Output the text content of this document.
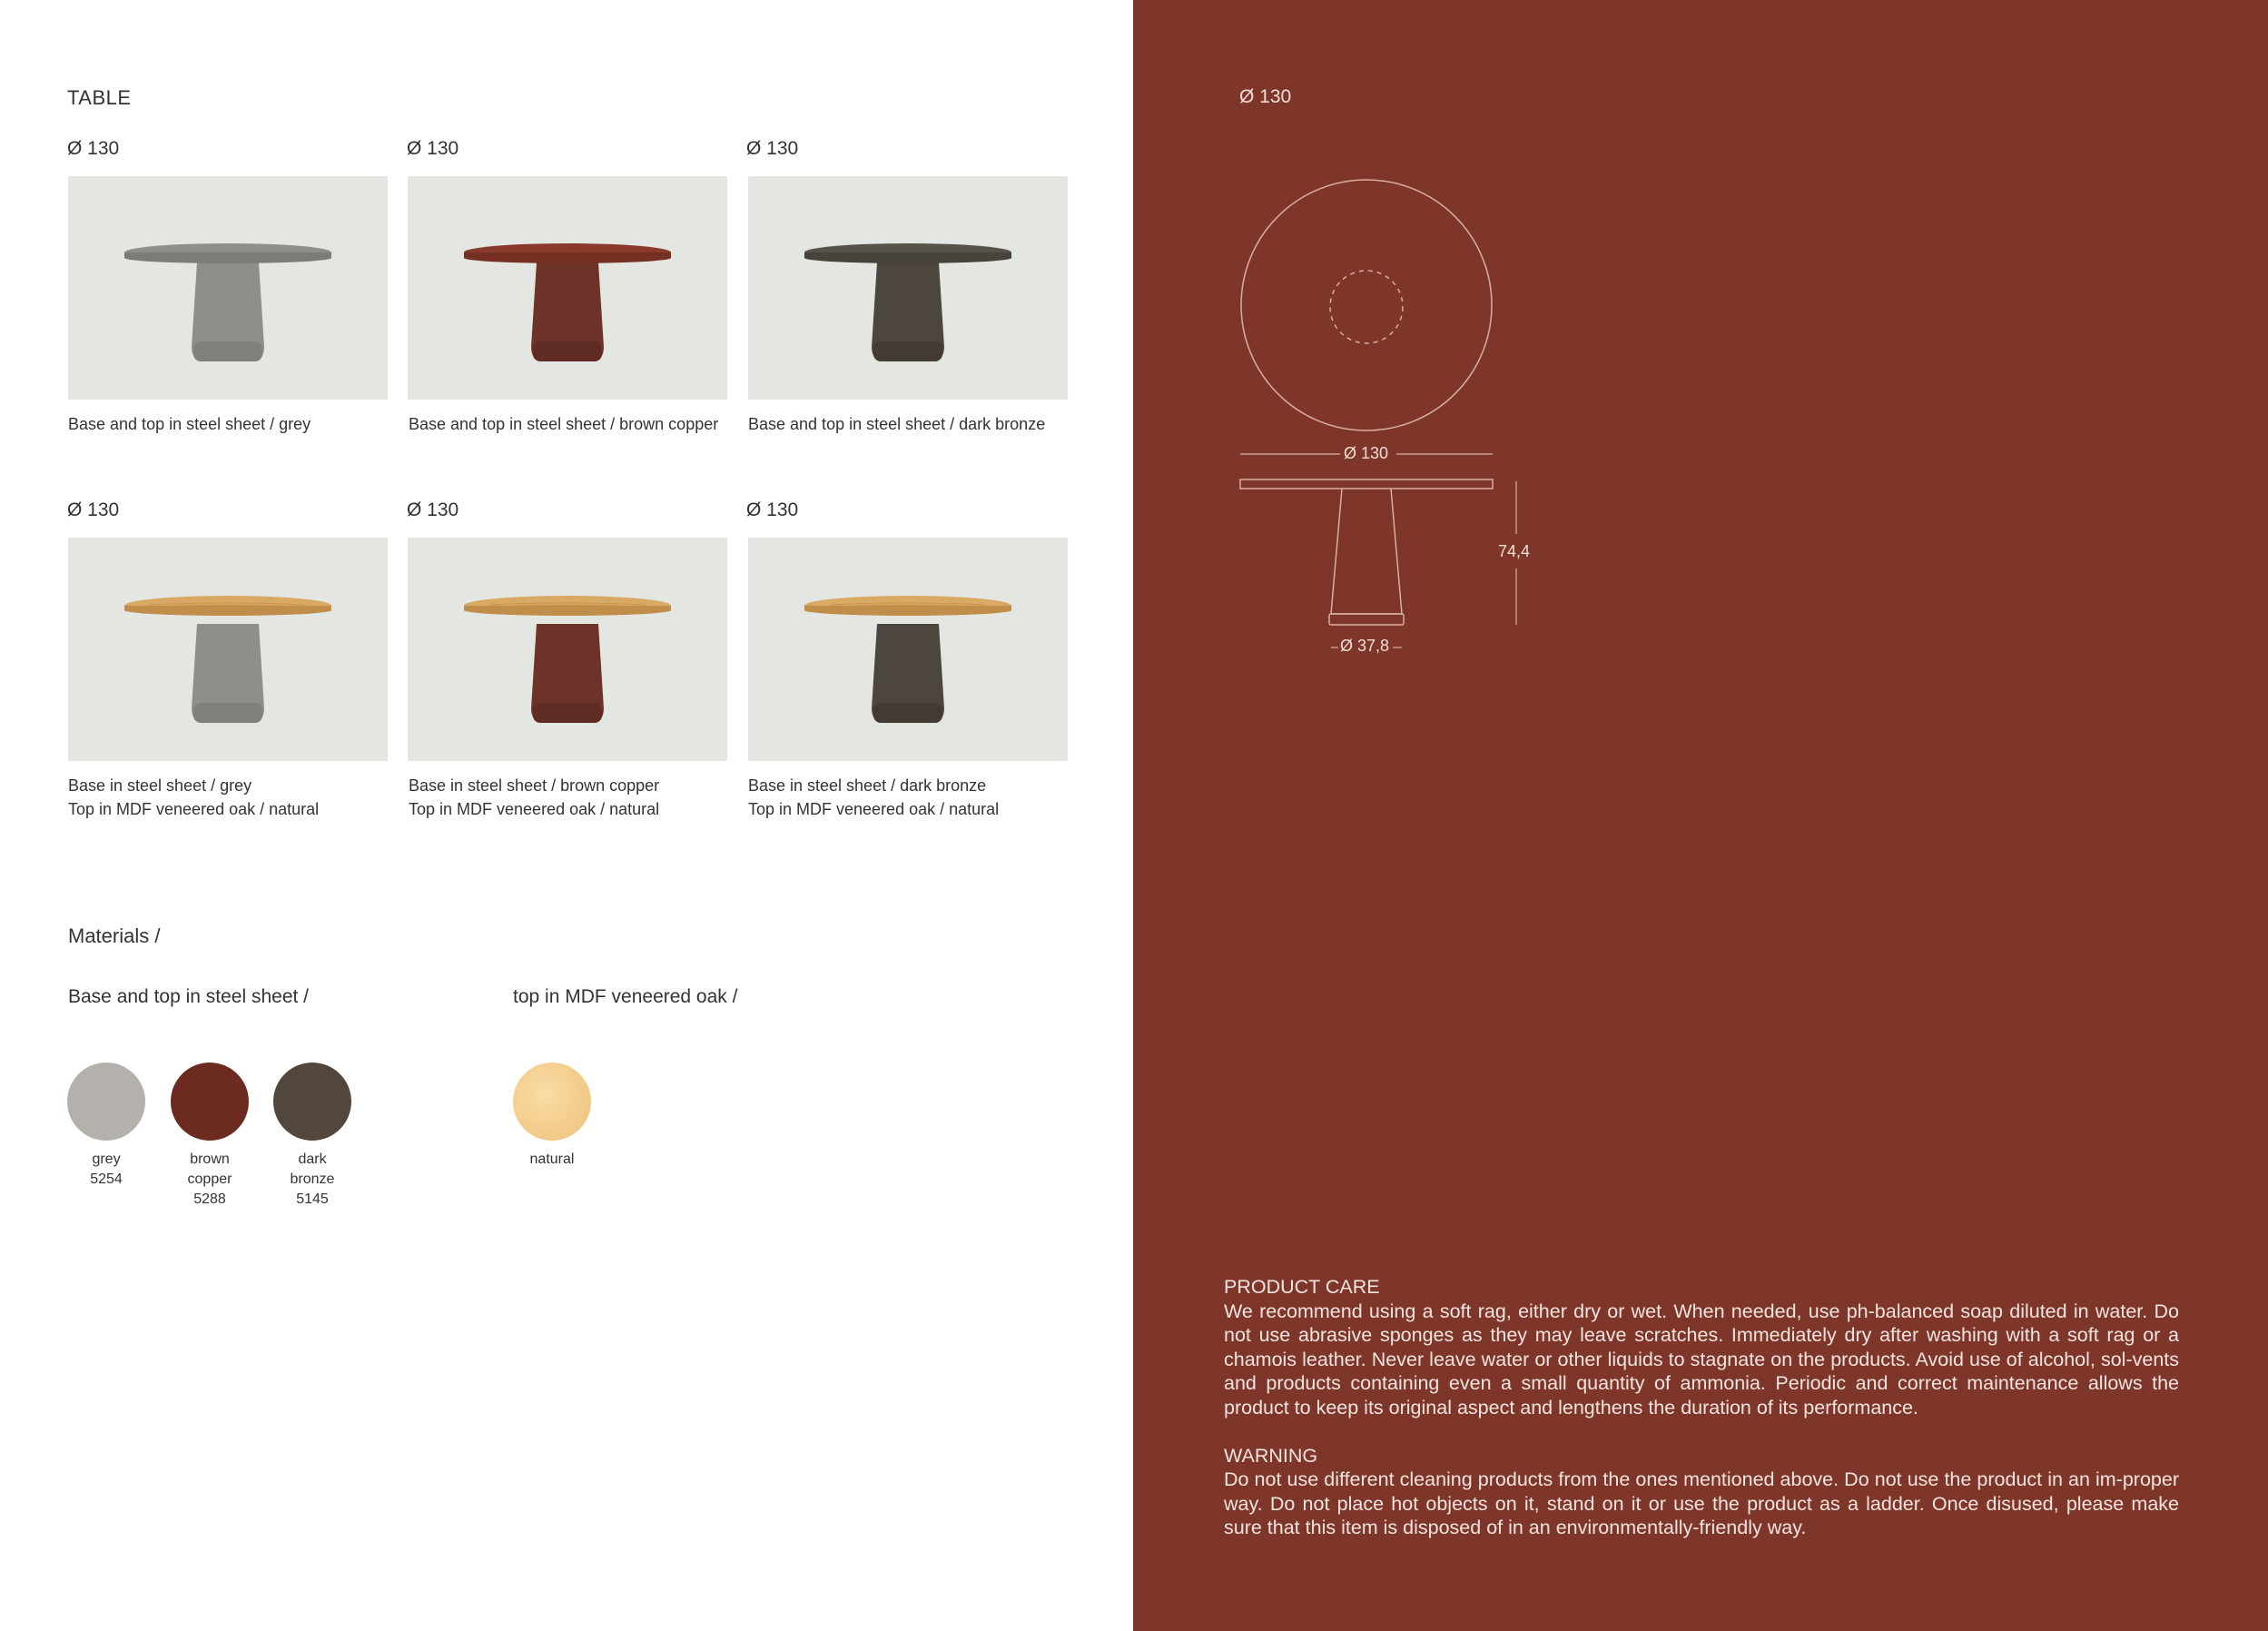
TABLE
Ø 130	Ø 130	Ø 130
Base and top in steel sheet / grey	Base and top in steel sheet / brown copper Base and top in steel sheet / dark bronze
Ø 130	Ø 130	Ø 130
Base in steel sheet / grey
Top in MDF veneered oak / natural
Base in steel sheet / brown copper
Top in MDF veneered oak / natural
Base in steel sheet / dark bronze
Top in MDF veneered oak / natural
Materials /
Base and top in steel sheet /	top in MDF veneered oak /
grey
5254
brown
copper
5288
dark
bronze
5145
natural
Ø 130
Ø 130
74,4
Ø 37,8
PRODUCT CARE

We recommend using a soft rag, either dry or wet. When needed, use ph-balanced soap diluted in water. Do not use abrasive sponges as they may leave scratches. Immediately dry after washing with a soft rag or a chamois leather. Never leave water or other liquids to stagnate on the products. Avoid use of alcohol, sol-vents and products containing even a small quantity of ammonia. Periodic and correct maintenance allows the product to keep its original aspect and lengthens the duration of its performance.

WARNING

Do not use different cleaning products from the ones mentioned above. Do not use the product in an im-proper way. Do not place hot objects on it, stand on it or use the product as a ladder. Once disused, please make sure that this item is disposed of in an environmentally-friendly way.
